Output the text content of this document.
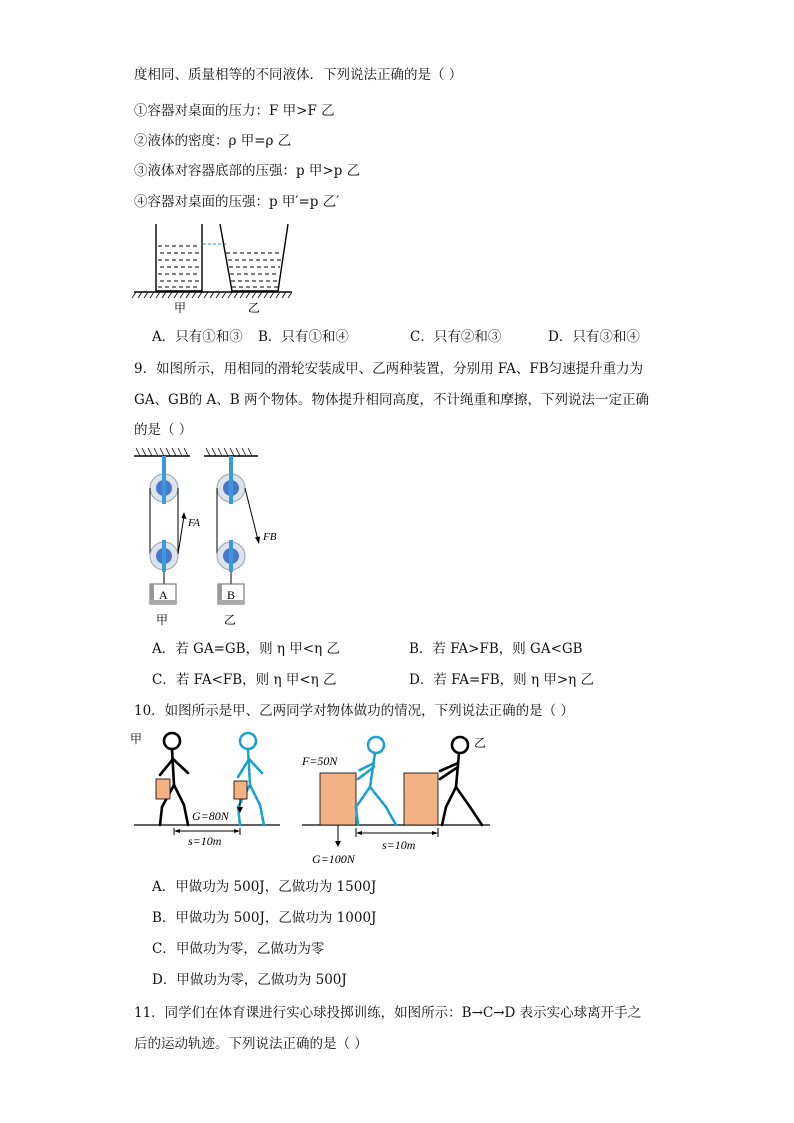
度相同、质量相等的不同液体．下列说法正确的是（ ）
①容器对桌面的压力：F 甲>F 乙
②液体的密度：ρ 甲=ρ 乙
③液体对容器底部的压强：p 甲>p 乙
④容器对桌面的压强：p 甲′=p 乙′
甲	乙
A．只有①和③ B．只有①和④	C．只有②和③	D．只有③和④
9．如图所示，用相同的滑轮安装成甲、乙两种装置，分别用 FA、FB匀速提升重力为
GA、GB的 A、B 两个物体。物体提升相同高度，不计绳重和摩擦，下列说法一定正确
的是（ ）
FA
A
甲
FB
B
乙
A．若 GA=GB，则 η 甲<η 乙	B．若 FA>FB，则 GA<GB
C．若 FA<FB，则 η 甲<η 乙	D．若 FA=FB，则 η 甲>η 乙
10．如图所示是甲、乙两同学对物体做功的情况，下列说法正确的是（ ）
甲
G=80N
s=10m
F=50N
乙
G=100N
s=10m
A．甲做功为 500J，乙做功为 1500J
B．甲做功为 500J，乙做功为 1000J
C．甲做功为零，乙做功为零
D．甲做功为零，乙做功为 500J
11．同学们在体育课进行实心球投掷训练，如图所示：B→C→D 表示实心球离开手之
后的运动轨迹。下列说法正确的是（ ）
